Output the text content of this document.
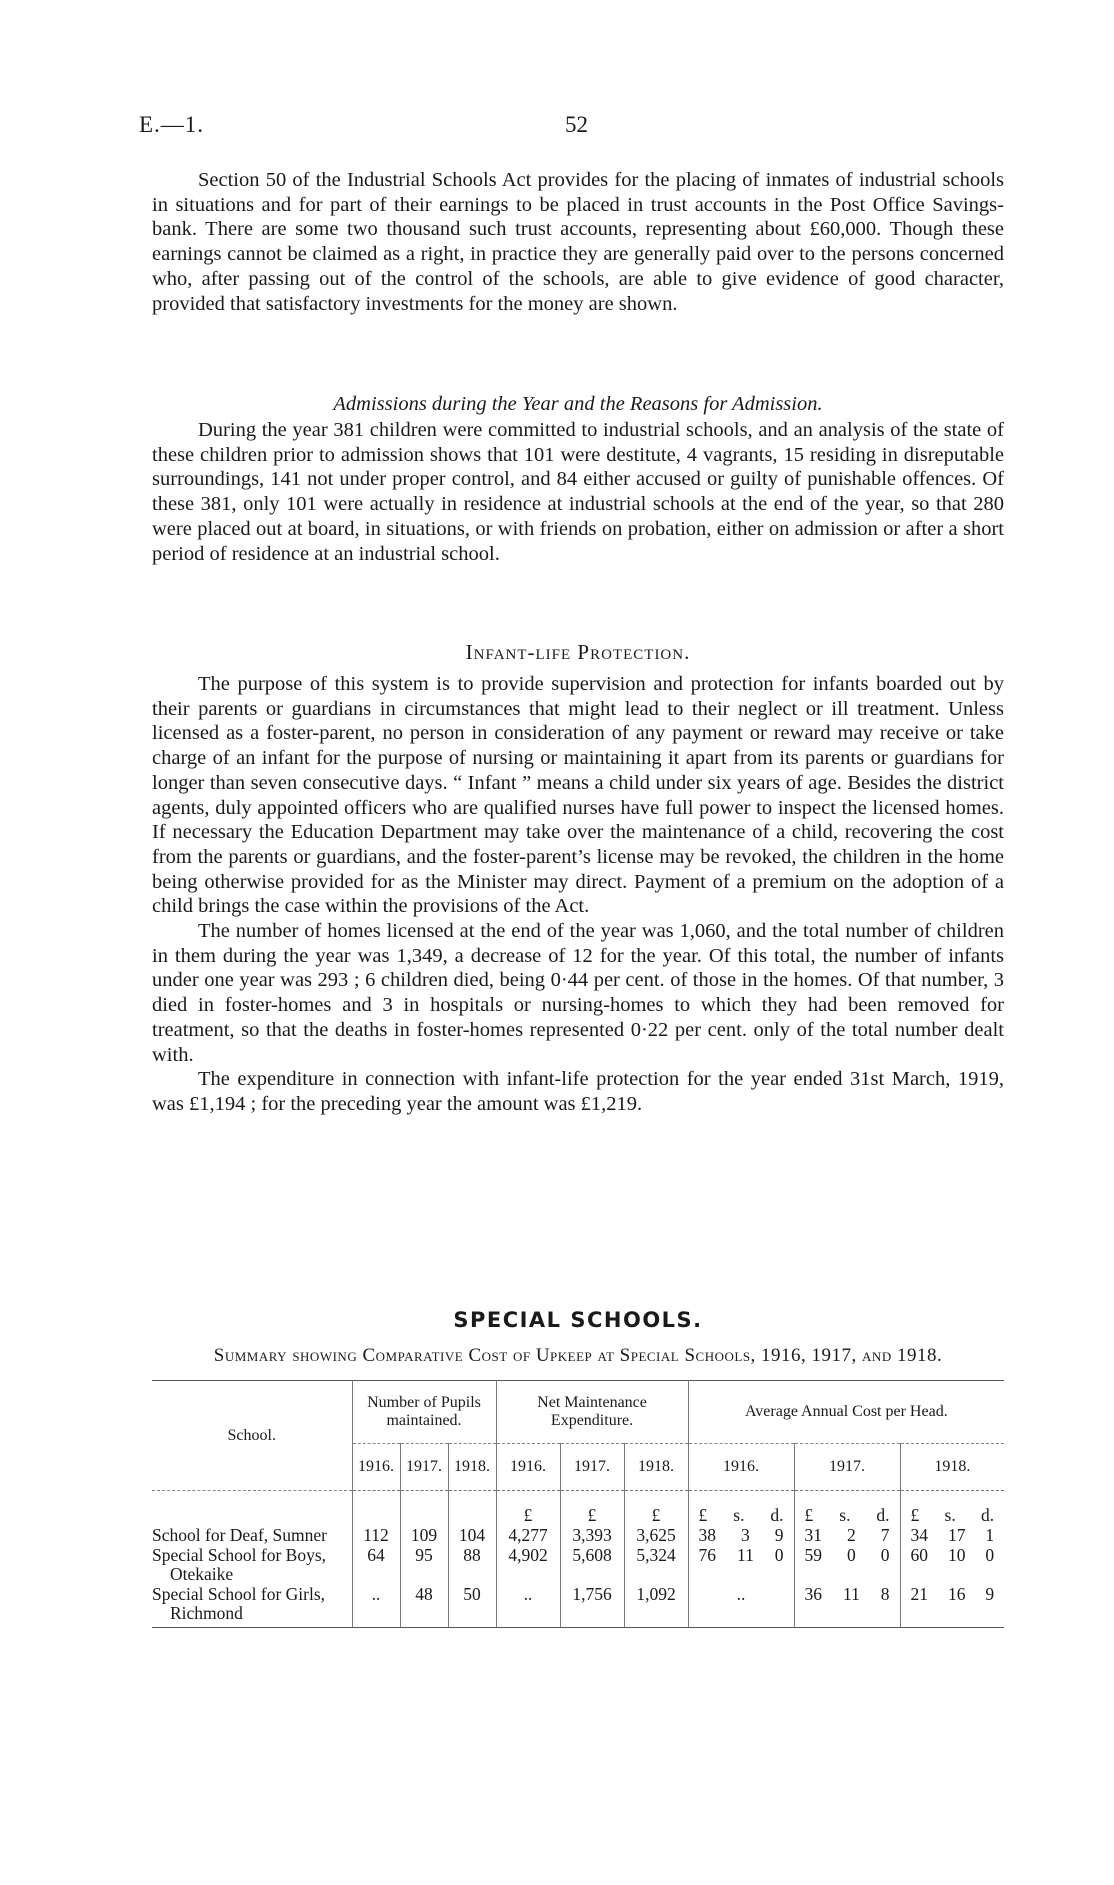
E.—1.	52

Section 50 of the Industrial Schools Act provides for the placing of inmates of industrial schools in situations and for part of their earnings to be placed in trust accounts in the Post Office Savings-bank. There are some two thousand such trust accounts, representing about £60,000. Though these earnings cannot be claimed as a right, in practice they are generally paid over to the persons concerned who, after passing out of the control of the schools, are able to give evidence of good character, provided that satisfactory investments for the money are shown.

Admissions during the Year and the Reasons for Admission.

During the year 381 children were committed to industrial schools, and an analysis of the state of these children prior to admission shows that 101 were destitute, 4 vagrants, 15 residing in disreputable surroundings, 141 not under proper control, and 84 either accused or guilty of punishable offences. Of these 381, only 101 were actually in residence at industrial schools at the end of the year, so that 280 were placed out at board, in situations, or with friends on probation, either on admission or after a short period of residence at an industrial school.

Infant-life Protection.

The purpose of this system is to provide supervision and protection for infants boarded out by their parents or guardians in circumstances that might lead to their neglect or ill treatment. Unless licensed as a foster-parent, no person in consideration of any payment or reward may receive or take charge of an infant for the purpose of nursing or maintaining it apart from its parents or guardians for longer than seven consecutive days. “ Infant ” means a child under six years of age. Besides the district agents, duly appointed officers who are qualified nurses have full power to inspect the licensed homes. If necessary the Education Department may take over the maintenance of a child, recovering the cost from the parents or guardians, and the foster-parent’s license may be revoked, the children in the home being otherwise provided for as the Minister may direct. Payment of a premium on the adoption of a child brings the case within the provisions of the Act.

The number of homes licensed at the end of the year was 1,060, and the total number of children in them during the year was 1,349, a decrease of 12 for the year. Of this total, the number of infants under one year was 293 ; 6 children died, being 0·44 per cent. of those in the homes. Of that number, 3 died in foster-homes and 3 in hospitals or nursing-homes to which they had been removed for treatment, so that the deaths in foster-homes represented 0·22 per cent. only of the total number dealt with.

The expenditure in connection with infant-life protection for the year ended 31st March, 1919, was £1,194 ; for the preceding year the amount was £1,219.

SPECIAL SCHOOLS.
Summary showing Comparative Cost of Upkeep at Special Schools, 1916, 1917, and 1918.
School.	Number of Pupils maintained.			Net Maintenance Expenditure.			Average Annual Cost per Head.		
	1916.	1917.	1918.	1916.	1917.	1918.	1916.	1917.	1918.
				£	£	£	£ s. d.	£ s. d.	£ s. d.

School for Deaf, Sumner	112	109	104	4,277	3,393	3,625	38 3 9	31 2 7	34 17 1

Special School for Boys,
Otekaike	64	95	88	4,902	5,608	5,324	76 11 0	59 0 0	60 10 0

Special School for Girls,
Richmond	..	48	50	..	1,756	1,092	..	36 11 8	21 16 9
